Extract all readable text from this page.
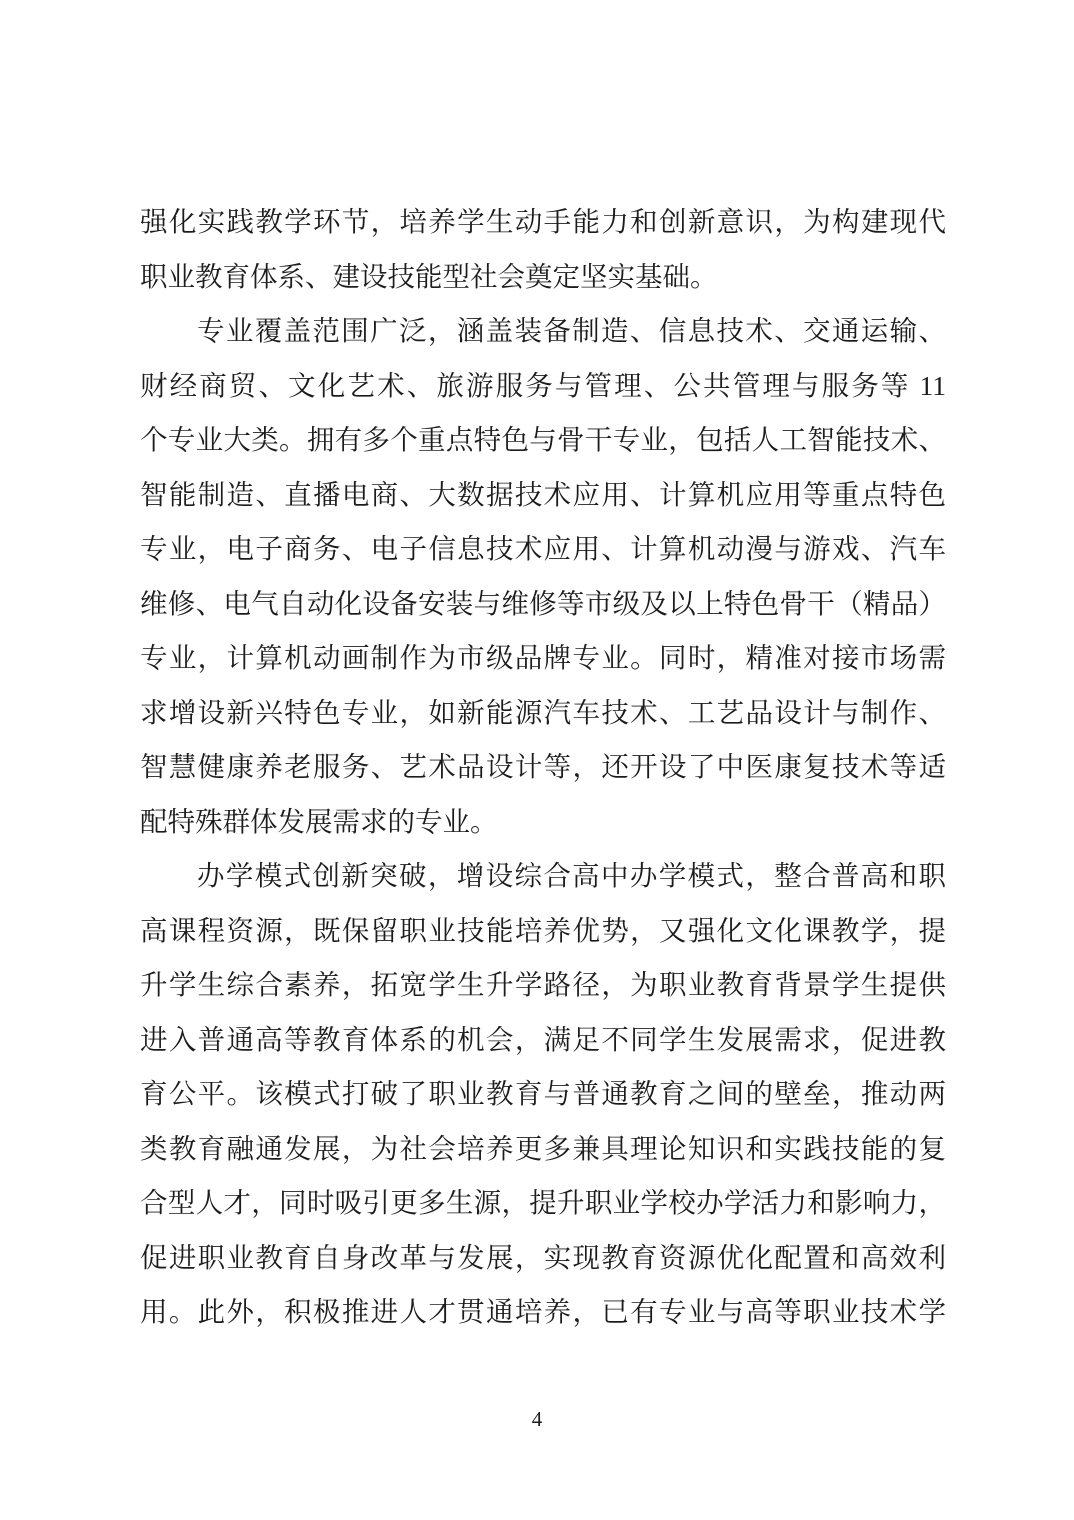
强化实践教学环节，培养学生动手能力和创新意识，为构建现代
职业教育体系、建设技能型社会奠定坚实基础。
专业覆盖范围广泛，涵盖装备制造、信息技术、交通运输、
财经商贸、文化艺术、旅游服务与管理、公共管理与服务等 11
个专业大类。拥有多个重点特色与骨干专业，包括人工智能技术、
智能制造、直播电商、大数据技术应用、计算机应用等重点特色
专业，电子商务、电子信息技术应用、计算机动漫与游戏、汽车
维修、电气自动化设备安装与维修等市级及以上特色骨干（精品）
专业，计算机动画制作为市级品牌专业。同时，精准对接市场需
求增设新兴特色专业，如新能源汽车技术、工艺品设计与制作、
智慧健康养老服务、艺术品设计等，还开设了中医康复技术等适
配特殊群体发展需求的专业。
办学模式创新突破，增设综合高中办学模式，整合普高和职
高课程资源，既保留职业技能培养优势，又强化文化课教学，提
升学生综合素养，拓宽学生升学路径，为职业教育背景学生提供
进入普通高等教育体系的机会，满足不同学生发展需求，促进教
育公平。该模式打破了职业教育与普通教育之间的壁垒，推动两
类教育融通发展，为社会培养更多兼具理论知识和实践技能的复
合型人才，同时吸引更多生源，提升职业学校办学活力和影响力，
促进职业教育自身改革与发展，实现教育资源优化配置和高效利
用。此外，积极推进人才贯通培养，已有专业与高等职业技术学
4
